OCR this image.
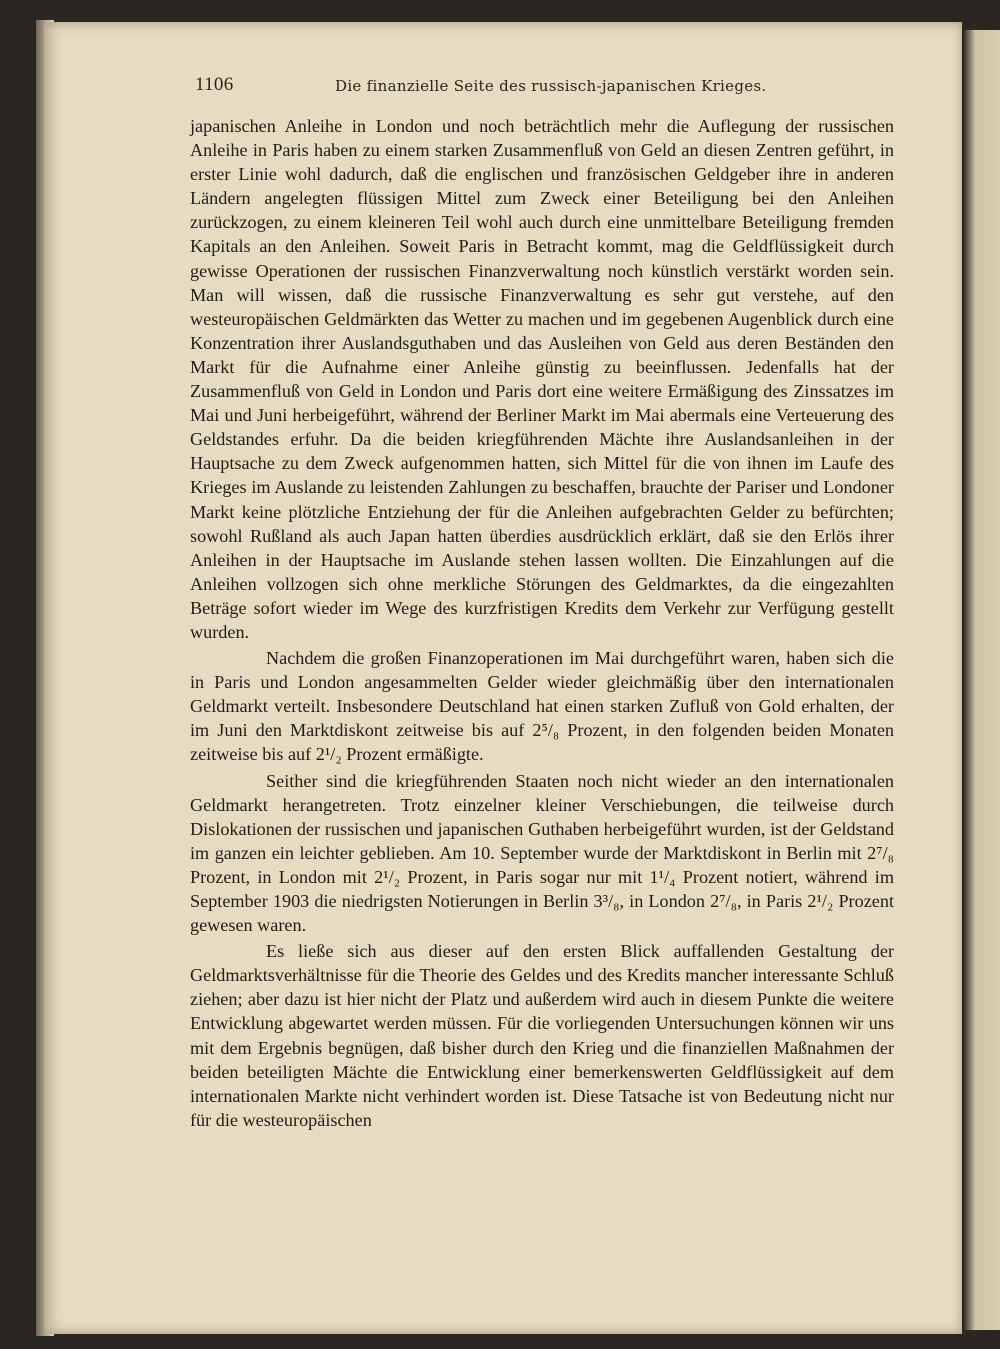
1106	Die finanzielle Seite des russisch-japanischen Krieges.

japanischen Anleihe in London und noch beträchtlich mehr die Auflegung der russischen Anleihe in Paris haben zu einem starken Zusammenfluß von Geld an diesen Zentren geführt, in erster Linie wohl dadurch, daß die englischen und französischen Geldgeber ihre in anderen Ländern angelegten flüssigen Mittel zum Zweck einer Beteiligung bei den Anleihen zurückzogen, zu einem kleineren Teil wohl auch durch eine unmittelbare Beteiligung fremden Kapitals an den Anleihen. Soweit Paris in Betracht kommt, mag die Geldflüssigkeit durch gewisse Operationen der russischen Finanzverwaltung noch künstlich verstärkt worden sein. Man will wissen, daß die russische Finanzverwaltung es sehr gut verstehe, auf den westeuropäischen Geldmärkten das Wetter zu machen und im gegebenen Augenblick durch eine Konzentration ihrer Auslandsguthaben und das Ausleihen von Geld aus deren Beständen den Markt für die Aufnahme einer Anleihe günstig zu beeinflussen. Jedenfalls hat der Zusammenfluß von Geld in London und Paris dort eine weitere Ermäßigung des Zinssatzes im Mai und Juni herbeigeführt, während der Berliner Markt im Mai abermals eine Verteuerung des Geldstandes erfuhr. Da die beiden kriegführenden Mächte ihre Auslandsanleihen in der Hauptsache zu dem Zweck aufgenommen hatten, sich Mittel für die von ihnen im Laufe des Krieges im Auslande zu leistenden Zahlungen zu beschaffen, brauchte der Pariser und Londoner Markt keine plötzliche Entziehung der für die Anleihen aufgebrachten Gelder zu befürchten; sowohl Rußland als auch Japan hatten überdies ausdrücklich erklärt, daß sie den Erlös ihrer Anleihen in der Hauptsache im Auslande stehen lassen wollten. Die Einzahlungen auf die Anleihen vollzogen sich ohne merkliche Störungen des Geldmarktes, da die eingezahlten Beträge sofort wieder im Wege des kurzfristigen Kredits dem Verkehr zur Verfügung gestellt wurden.

Nachdem die großen Finanzoperationen im Mai durchgeführt waren, haben sich die in Paris und London angesammelten Gelder wieder gleichmäßig über den internationalen Geldmarkt verteilt. Insbesondere Deutschland hat einen starken Zufluß von Gold erhalten, der im Juni den Marktdiskont zeitweise bis auf 2⁵/₈ Prozent, in den folgenden beiden Monaten zeitweise bis auf 2¹/₂ Prozent ermäßigte.

Seither sind die kriegführenden Staaten noch nicht wieder an den internationalen Geldmarkt herangetreten. Trotz einzelner kleiner Verschiebungen, die teilweise durch Dislokationen der russischen und japanischen Guthaben herbeigeführt wurden, ist der Geldstand im ganzen ein leichter geblieben. Am 10. September wurde der Marktdiskont in Berlin mit 2⁷/₈ Prozent, in London mit 2¹/₂ Prozent, in Paris sogar nur mit 1¹/₄ Prozent notiert, während im September 1903 die niedrigsten Notierungen in Berlin 3³/₈, in London 2⁷/₈, in Paris 2¹/₂ Prozent gewesen waren.

Es ließe sich aus dieser auf den ersten Blick auffallenden Gestaltung der Geldmarktsverhältnisse für die Theorie des Geldes und des Kredits mancher interessante Schluß ziehen; aber dazu ist hier nicht der Platz und außerdem wird auch in diesem Punkte die weitere Entwicklung abgewartet werden müssen. Für die vorliegenden Untersuchungen können wir uns mit dem Ergebnis begnügen, daß bisher durch den Krieg und die finanziellen Maßnahmen der beiden beteiligten Mächte die Entwicklung einer bemerkenswerten Geldflüssigkeit auf dem internationalen Markte nicht verhindert worden ist. Diese Tatsache ist von Bedeutung nicht nur für die westeuropäischen
